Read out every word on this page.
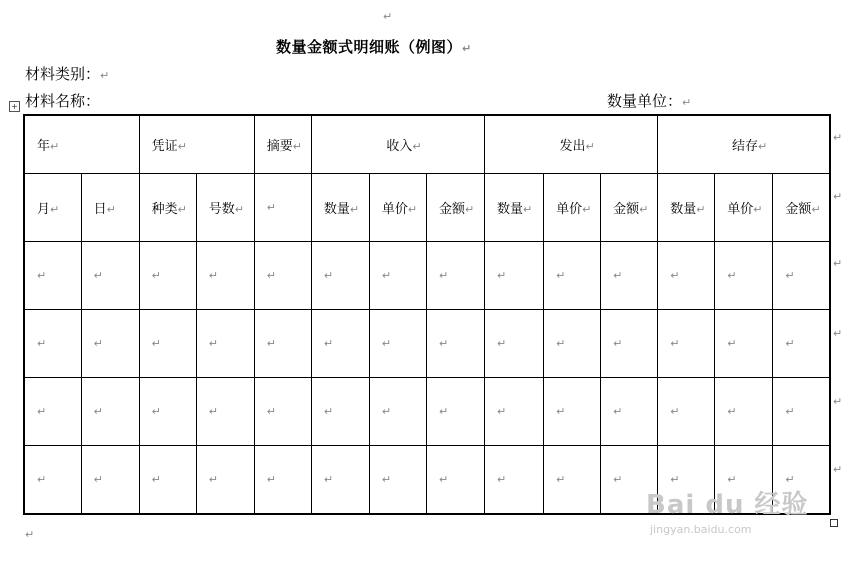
↵
数量金额式明细账（例图）↵
材料类别：↵
材料名称：	数量单位：↵
+
年↵		凭证↵		摘要↵	收入↵			发出↵			结存↵		
月↵	日↵	种类↵	号数↵	↵	数量↵	单价↵	金额↵	数量↵	单价↵	金额↵	数量↵	单价↵	金额↵
↵	↵	↵	↵	↵	↵	↵	↵	↵	↵	↵	↵	↵	↵
↵	↵	↵	↵	↵	↵	↵	↵	↵	↵	↵	↵	↵	↵
↵	↵	↵	↵	↵	↵	↵	↵	↵	↵	↵	↵	↵	↵
↵	↵	↵	↵	↵	↵	↵	↵	↵	↵	↵	↵	↵	↵
↵
↵
↵
↵
↵
↵
↵
Bai du 经验
jingyan.baidu.com
